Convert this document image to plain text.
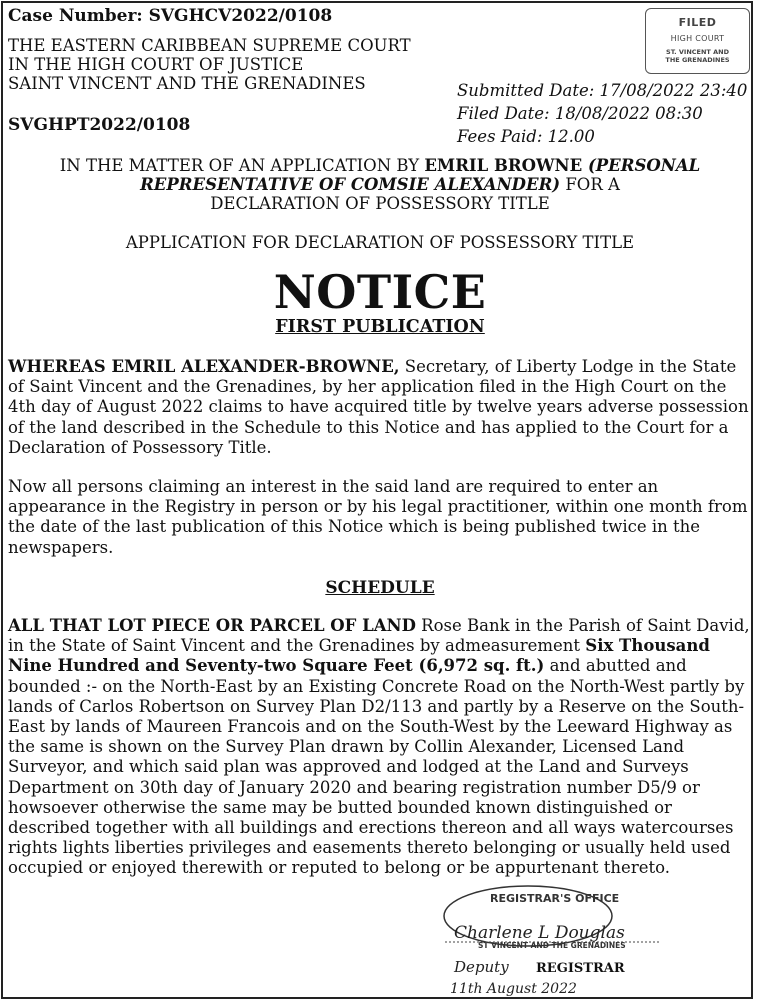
Case Number: SVGHCV2022/0108
THE EASTERN CARIBBEAN SUPREME COURT
IN THE HIGH COURT OF JUSTICE
SAINT VINCENT AND THE GRENADINES
SVGHPT2022/0108
FILED
HIGH COURT
ST. VINCENT AND
THE GRENADINES
Submitted Date: 17/08/2022 23:40
Filed Date: 18/08/2022 08:30
Fees Paid: 12.00
IN THE MATTER OF AN APPLICATION BY EMRIL BROWNE (PERSONAL
REPRESENTATIVE OF COMSIE ALEXANDER) FOR A
DECLARATION OF POSSESSORY TITLE
APPLICATION FOR DECLARATION OF POSSESSORY TITLE
NOTICE
FIRST PUBLICATION
WHEREAS EMRIL ALEXANDER-BROWNE, Secretary, of Liberty Lodge in the State of Saint Vincent and the Grenadines, by her application filed in the High Court on the 4th day of August 2022 claims to have acquired title by twelve years adverse possession of the land described in the Schedule to this Notice and has applied to the Court for a Declaration of Possessory Title.
Now all persons claiming an interest in the said land are required to enter an appearance in the Registry in person or by his legal practitioner, within one month from the date of the last publication of this Notice which is being published twice in the newspapers.
SCHEDULE
ALL THAT LOT PIECE OR PARCEL OF LAND Rose Bank in the Parish of Saint David, in the State of Saint Vincent and the Grenadines by admeasurement Six Thousand Nine Hundred and Seventy-two Square Feet (6,972 sq. ft.) and abutted and bounded :- on the North-East by an Existing Concrete Road on the North-West partly by lands of Carlos Robertson on Survey Plan D2/113 and partly by a Reserve on the South-East by lands of Maureen Francois and on the South-West by the Leeward Highway as the same is shown on the Survey Plan drawn by Collin Alexander, Licensed Land Surveyor, and which said plan was approved and lodged at the Land and Surveys Department on 30th day of January 2020 and bearing registration number D5/9 or howsoever otherwise the same may be butted bounded known distinguished or described together with all buildings and erections thereon and all ways watercourses rights lights liberties privileges and easements thereto belonging or usually held used occupied or enjoyed therewith or reputed to belong or be appurtenant thereto.
REGISTRAR'S OFFICE
ST VINCENT AND THE GRENADINES
Charlene L Douglas
Deputy REGISTRAR
11th August 2022
